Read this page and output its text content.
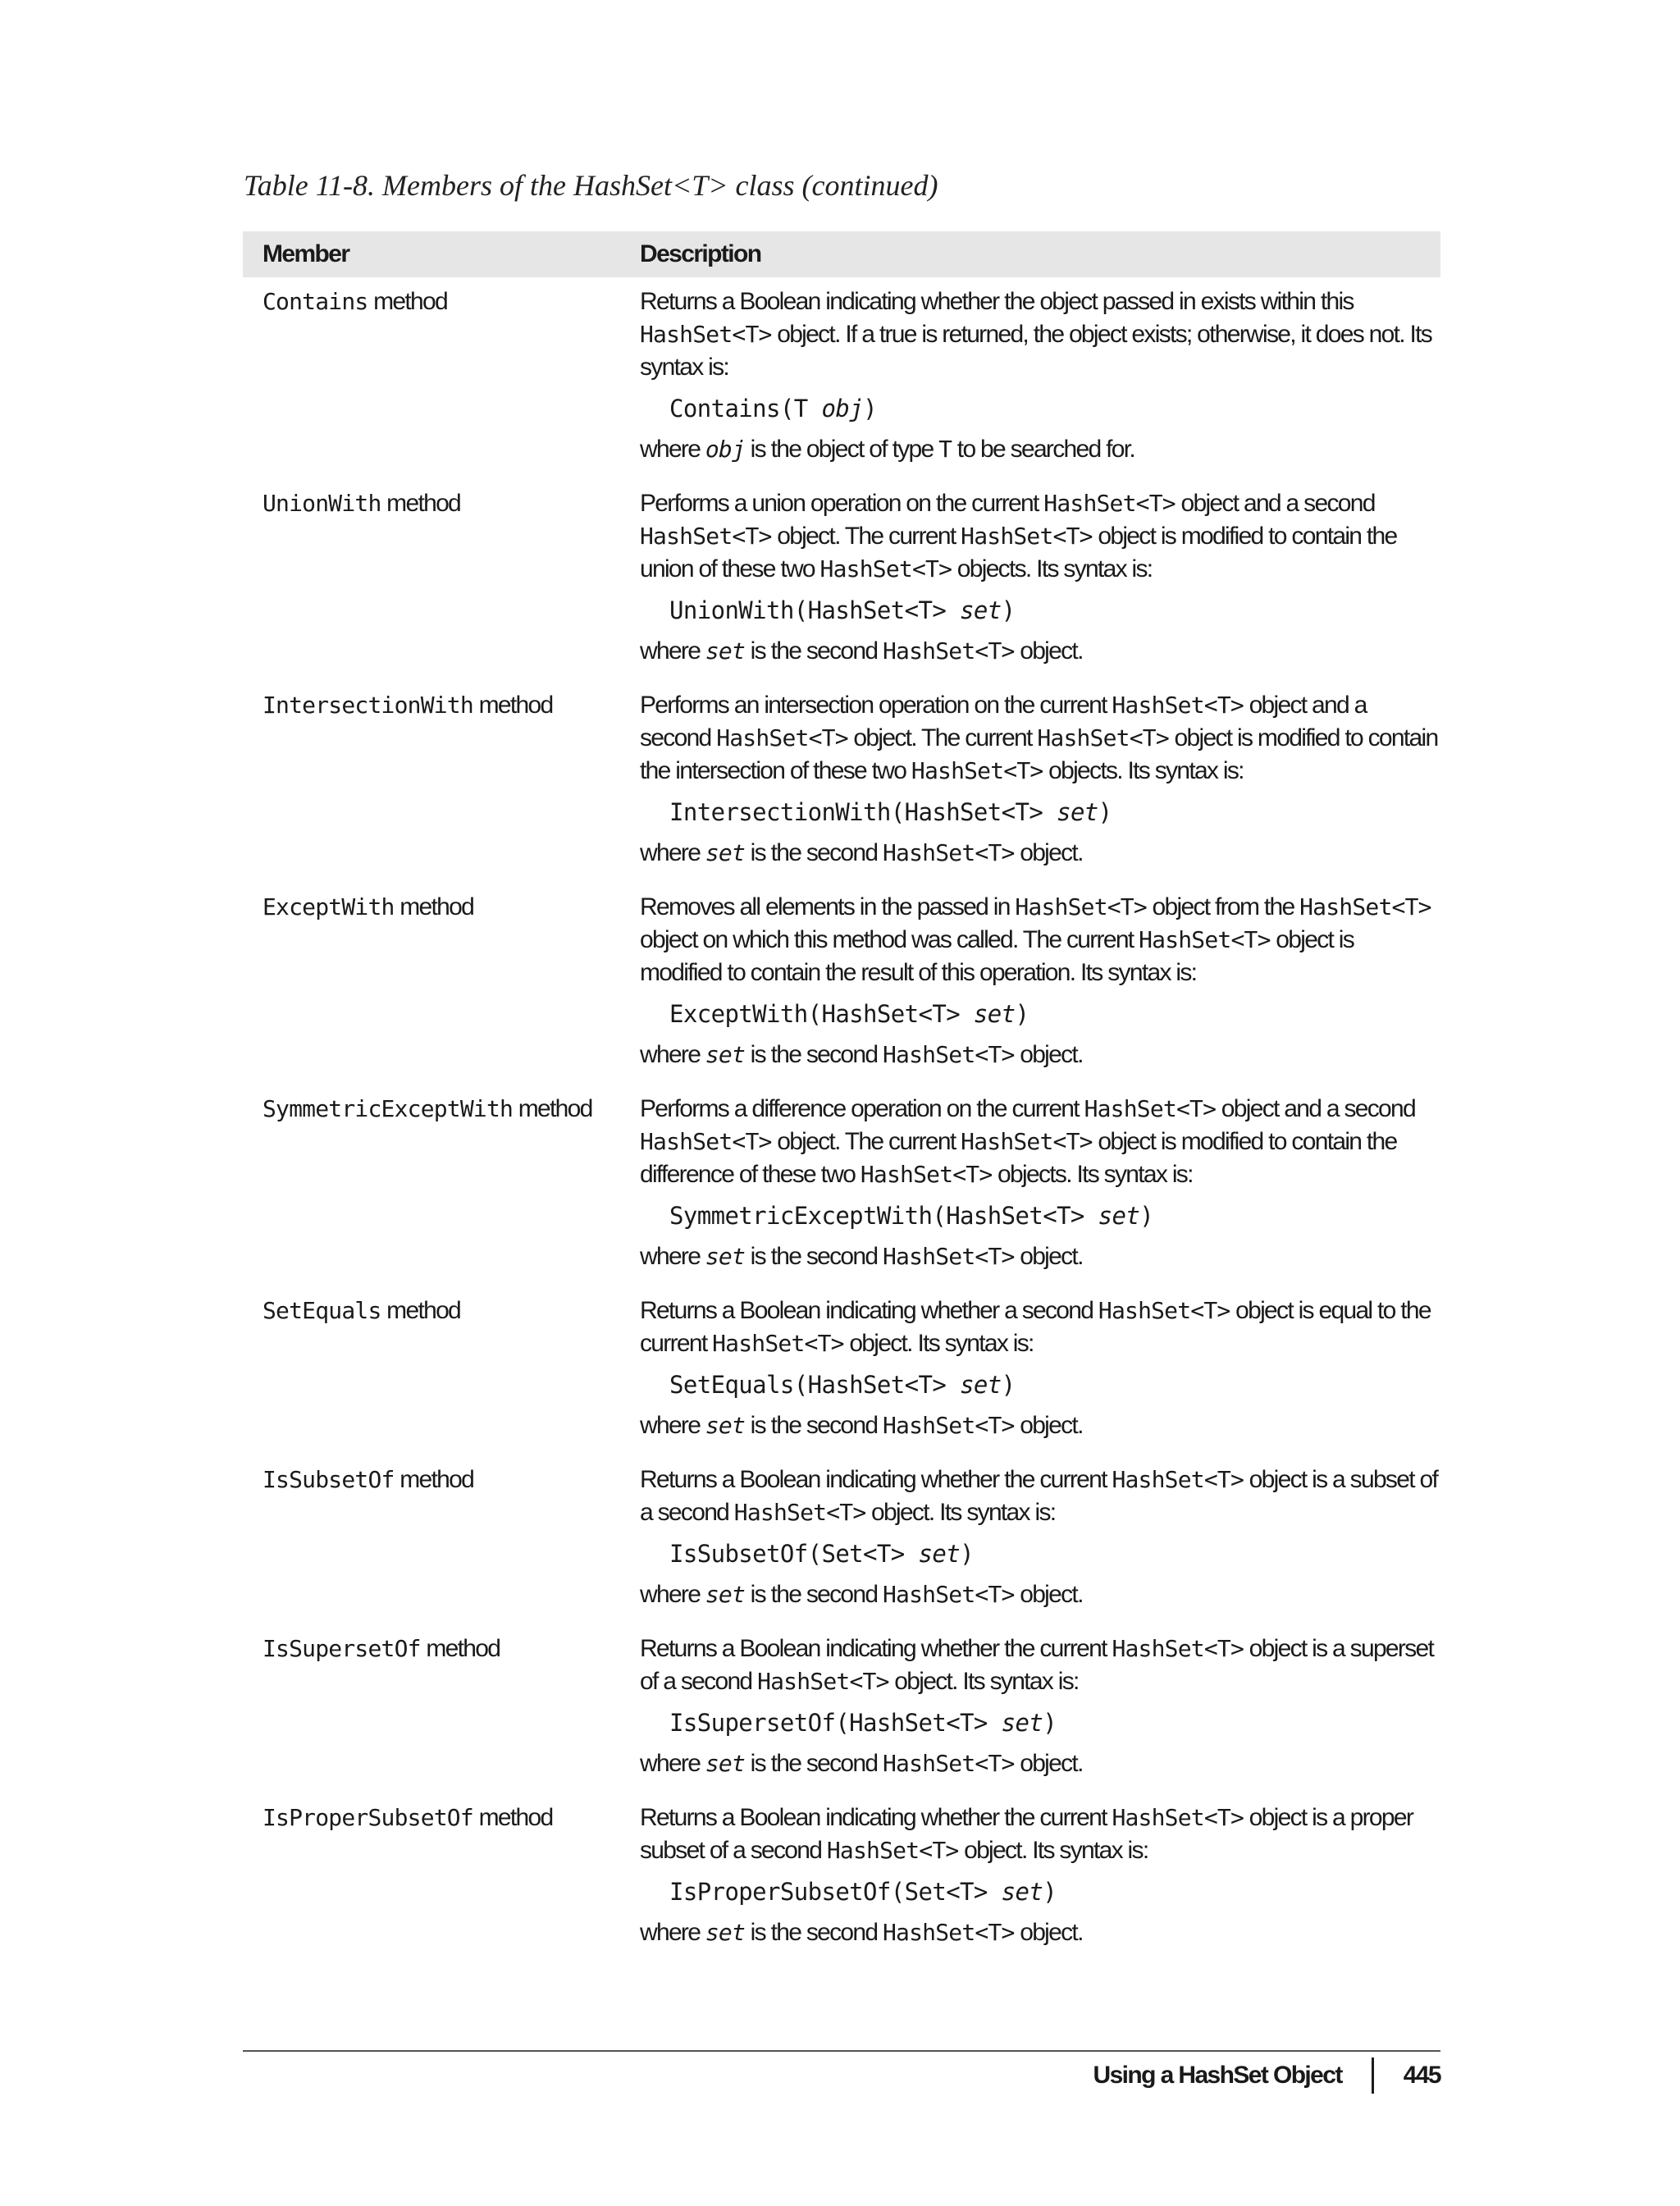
Table 11-8. Members of the HashSet<T> class (continued)
Member	Description
Contains method	Returns a Boolean indicating whether the object passed in exists within this HashSet<T> object. If a true is returned, the object exists; otherwise, it does not. Its syntax is:

Contains(T obj)

where obj is the object of type T to be searched for.

UnionWith method	Performs a union operation on the current HashSet<T> object and a second HashSet<T> object. The current HashSet<T> object is modified to contain the union of these two HashSet<T> objects. Its syntax is:

UnionWith(HashSet<T> set)

where set is the second HashSet<T> object.

IntersectionWith method	Performs an intersection operation on the current HashSet<T> object and a second HashSet<T> object. The current HashSet<T> object is modified to contain the intersection of these two HashSet<T> objects. Its syntax is:

IntersectionWith(HashSet<T> set)

where set is the second HashSet<T> object.

ExceptWith method	Removes all elements in the passed in HashSet<T> object from the HashSet<T> object on which this method was called. The current HashSet<T> object is modified to contain the result of this operation. Its syntax is:

ExceptWith(HashSet<T> set)

where set is the second HashSet<T> object.

SymmetricExceptWith method	Performs a difference operation on the current HashSet<T> object and a second HashSet<T> object. The current HashSet<T> object is modified to contain the difference of these two HashSet<T> objects. Its syntax is:

SymmetricExceptWith(HashSet<T> set)

where set is the second HashSet<T> object.

SetEquals method	Returns a Boolean indicating whether a second HashSet<T> object is equal to the current HashSet<T> object. Its syntax is:

SetEquals(HashSet<T> set)

where set is the second HashSet<T> object.

IsSubsetOf method	Returns a Boolean indicating whether the current HashSet<T> object is a subset of a second HashSet<T> object. Its syntax is:

IsSubsetOf(Set<T> set)

where set is the second HashSet<T> object.

IsSupersetOf method	Returns a Boolean indicating whether the current HashSet<T> object is a superset of a second HashSet<T> object. Its syntax is:

IsSupersetOf(HashSet<T> set)

where set is the second HashSet<T> object.

IsProperSubsetOf method	Returns a Boolean indicating whether the current HashSet<T> object is a proper subset of a second HashSet<T> object. Its syntax is:

IsProperSubsetOf(Set<T> set)

where set is the second HashSet<T> object.

Using a HashSet Object	445
